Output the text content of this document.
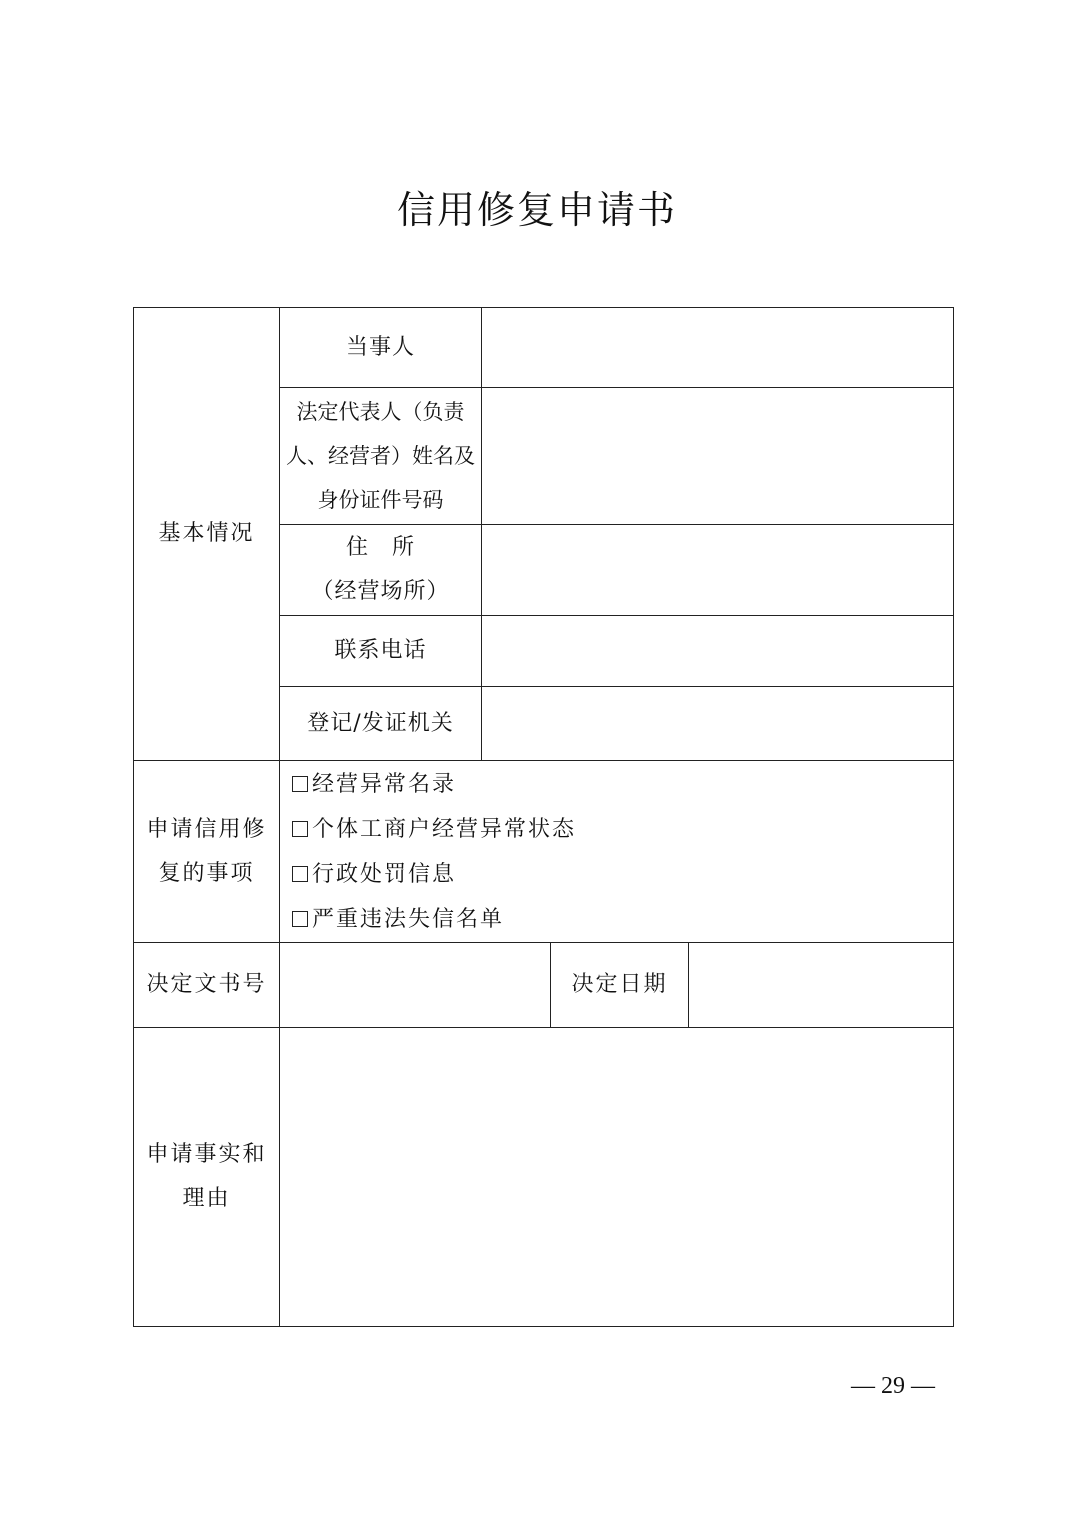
信用修复申请书
基本情况	当事人			

	法定代表人（负责
人、经营者）姓名及
身份证件号码			

	住　所
（经营场所）			

	联系电话			
	登记/发证机关			

申请信用修
复的事项	经营异常名录
个体工商户经营异常状态
行政处罚信息
严重违法失信名单			

决定文书号			决定日期	

申请事实和
理由				

— 29 —
